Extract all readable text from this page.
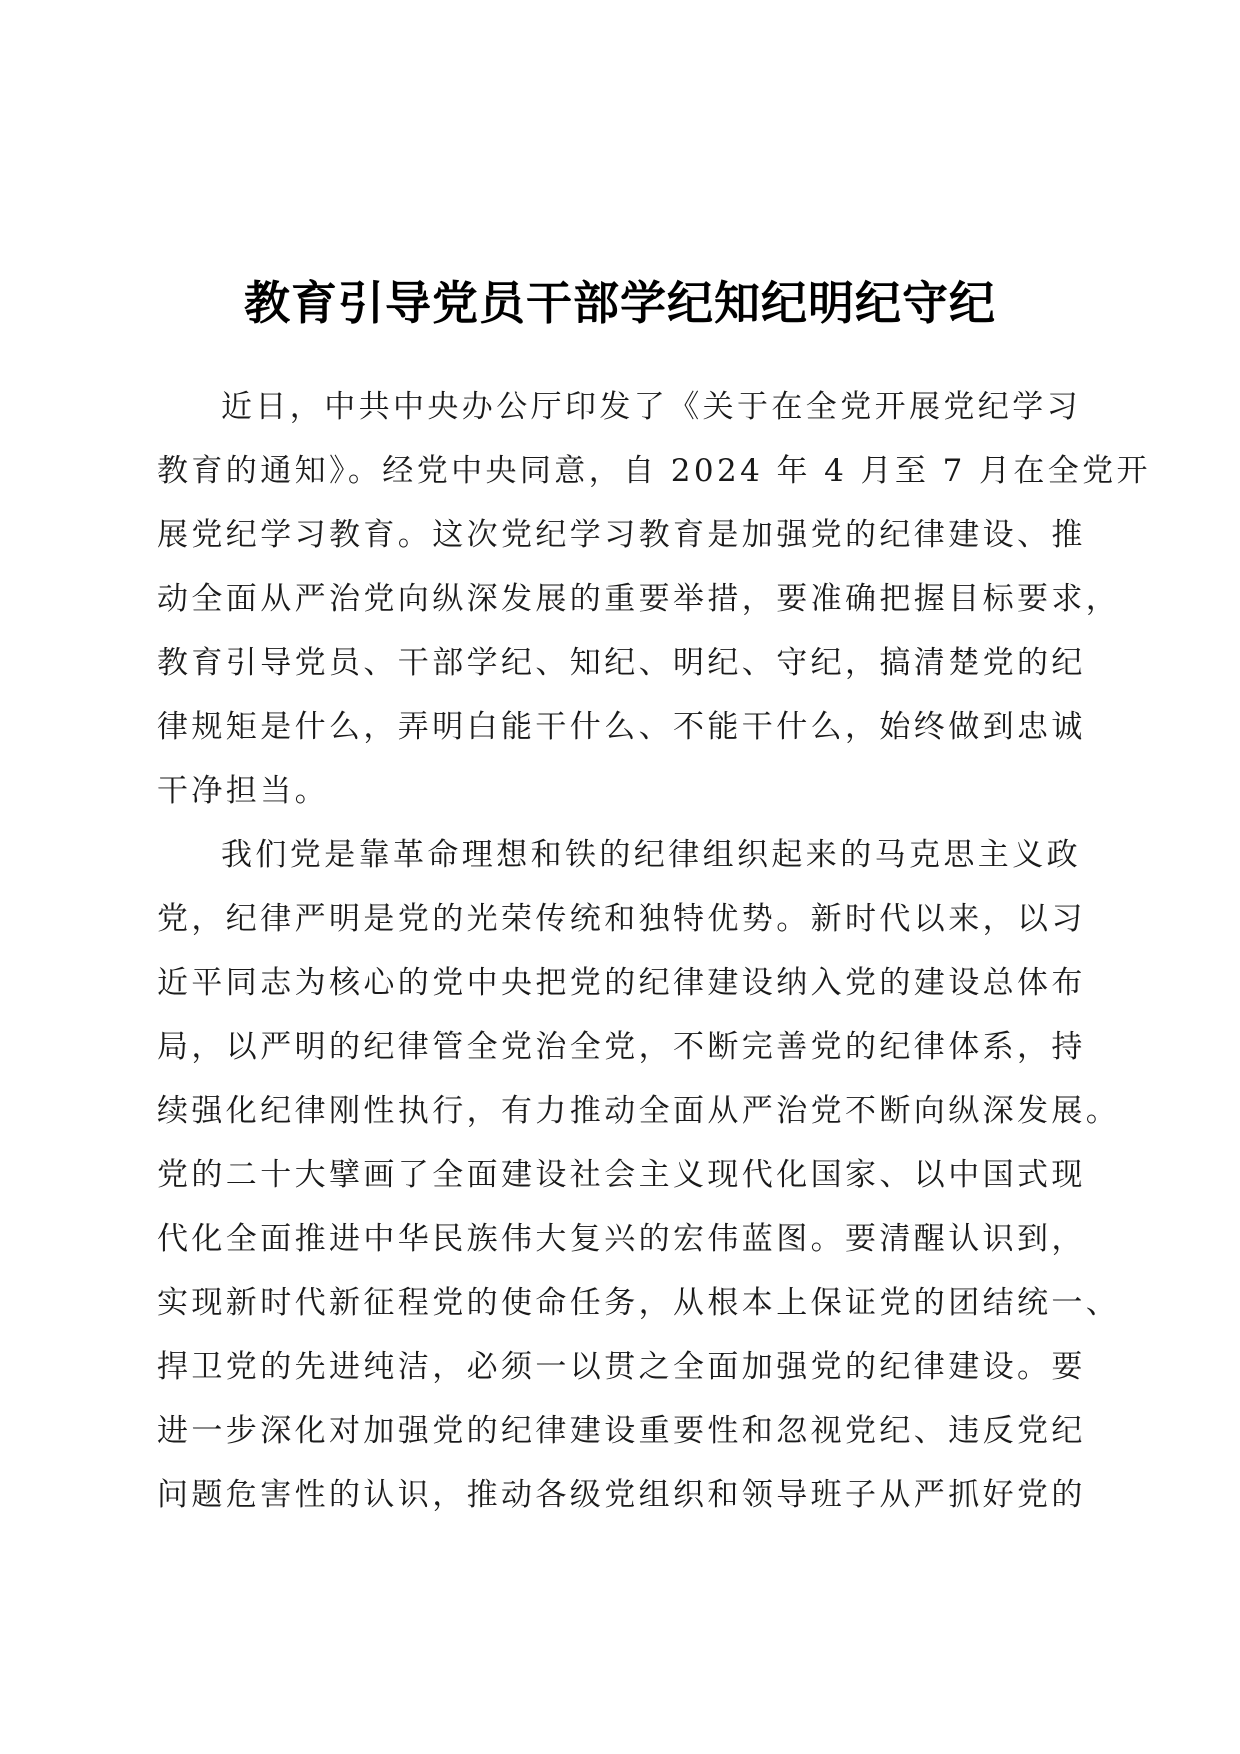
教育引导党员干部学纪知纪明纪守纪

近日，中共中央办公厅印发了《关于在全党开展党纪学习
教育的通知》。经党中央同意，自 2024 年 4 月至 7 月在全党开
展党纪学习教育。这次党纪学习教育是加强党的纪律建设、推
动全面从严治党向纵深发展的重要举措，要准确把握目标要求，
教育引导党员、干部学纪、知纪、明纪、守纪，搞清楚党的纪
律规矩是什么，弄明白能干什么、不能干什么，始终做到忠诚
干净担当。

我们党是靠革命理想和铁的纪律组织起来的马克思主义政
党，纪律严明是党的光荣传统和独特优势。新时代以来，以习
近平同志为核心的党中央把党的纪律建设纳入党的建设总体布
局，以严明的纪律管全党治全党，不断完善党的纪律体系，持
续强化纪律刚性执行，有力推动全面从严治党不断向纵深发展。
党的二十大擘画了全面建设社会主义现代化国家、以中国式现
代化全面推进中华民族伟大复兴的宏伟蓝图。要清醒认识到，
实现新时代新征程党的使命任务，从根本上保证党的团结统一、
捍卫党的先进纯洁，必须一以贯之全面加强党的纪律建设。要
进一步深化对加强党的纪律建设重要性和忽视党纪、违反党纪
问题危害性的认识，推动各级党组织和领导班子从严抓好党的
